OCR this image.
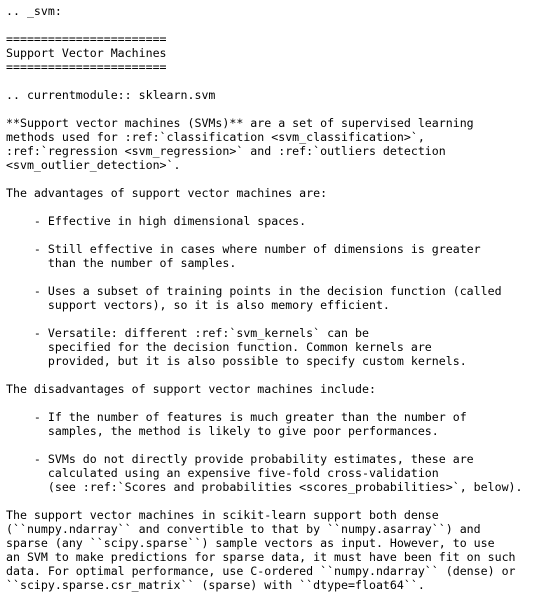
.. _svm:
=======================
Support Vector Machines
=======================
.. currentmodule:: sklearn.svm
**Support vector machines (SVMs)** are a set of supervised learning
methods used for :ref:`classification <svm_classification>`,
:ref:`regression <svm_regression>` and :ref:`outliers detection
<svm_outlier_detection>`.
The advantages of support vector machines are:
- Effective in high dimensional spaces.
- Still effective in cases where number of dimensions is greater
than the number of samples.
- Uses a subset of training points in the decision function (called
support vectors), so it is also memory efficient.
- Versatile: different :ref:`svm_kernels` can be
specified for the decision function. Common kernels are
provided, but it is also possible to specify custom kernels.
The disadvantages of support vector machines include:
- If the number of features is much greater than the number of
samples, the method is likely to give poor performances.
- SVMs do not directly provide probability estimates, these are
calculated using an expensive five-fold cross-validation
(see :ref:`Scores and probabilities <scores_probabilities>`, below).
The support vector machines in scikit-learn support both dense
(``numpy.ndarray`` and convertible to that by ``numpy.asarray``) and
sparse (any ``scipy.sparse``) sample vectors as input. However, to use
an SVM to make predictions for sparse data, it must have been fit on such
data. For optimal performance, use C-ordered ``numpy.ndarray`` (dense) or
``scipy.sparse.csr_matrix`` (sparse) with ``dtype=float64``.
